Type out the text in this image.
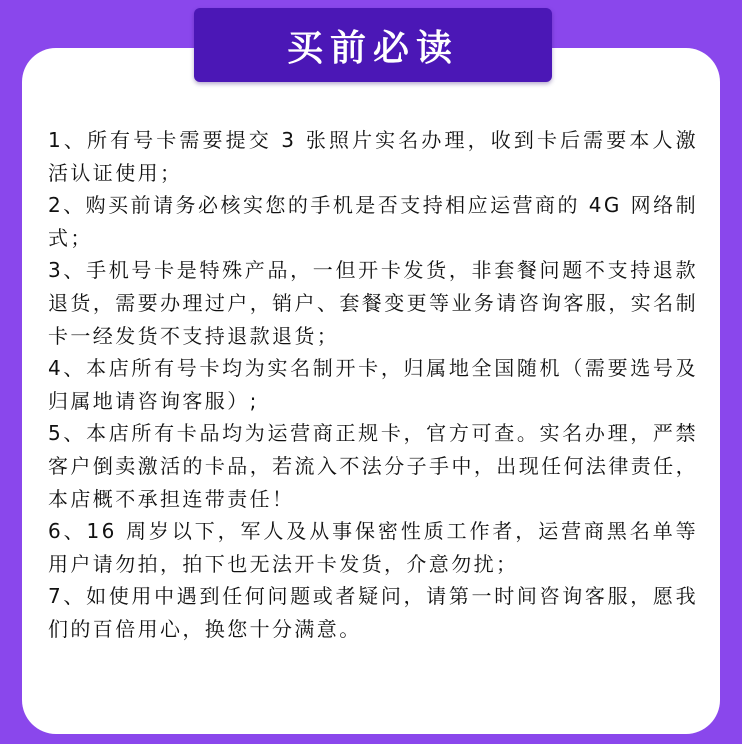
买前必读
1、所有号卡需要提交 3 张照片实名办理，收到卡后需要本人激活认证使用；
2、购买前请务必核实您的手机是否支持相应运营商的 4G 网络制式；
3、手机号卡是特殊产品，一但开卡发货，非套餐问题不支持退款退货，需要办理过户，销户、套餐变更等业务请咨询客服，实名制卡一经发货不支持退款退货；
4、本店所有号卡均为实名制开卡，归属地全国随机（需要选号及归属地请咨询客服）;
5、本店所有卡品均为运营商正规卡，官方可查。实名办理，严禁客户倒卖激活的卡品，若流入不法分子手中，出现任何法律责任，本店概不承担连带责任！
6、16 周岁以下，军人及从事保密性质工作者，运营商黑名单等用户请勿拍，拍下也无法开卡发货，介意勿扰；
7、如使用中遇到任何问题或者疑问，请第一时间咨询客服，愿我们的百倍用心，换您十分满意。
